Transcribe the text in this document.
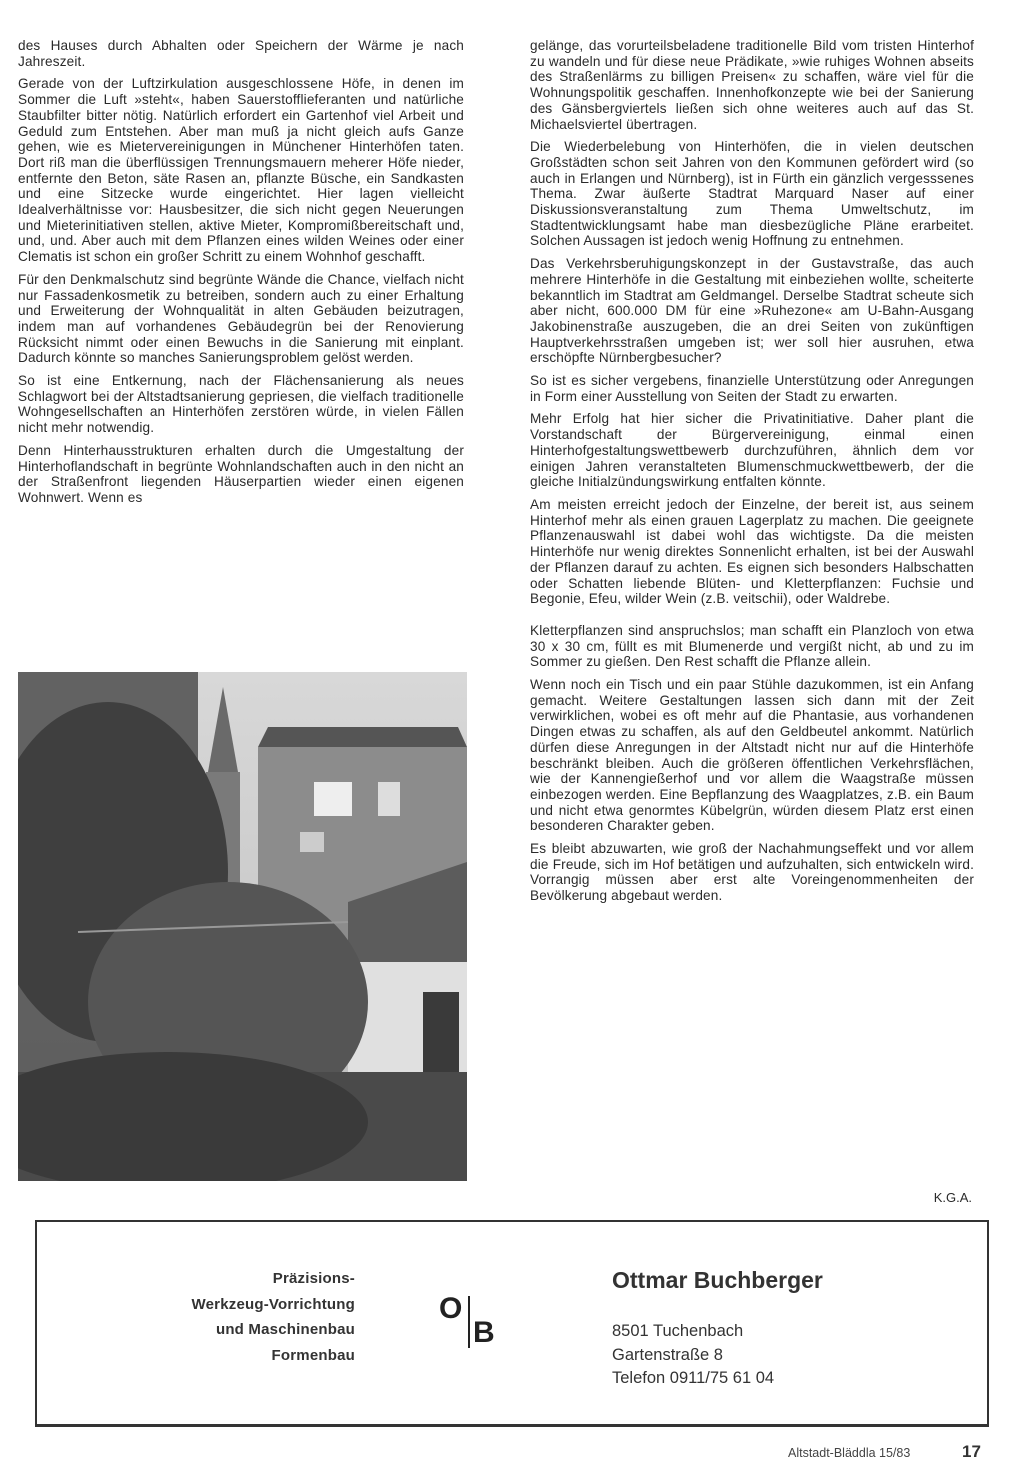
des Hauses durch Abhalten oder Speichern der Wärme je nach Jahreszeit.

Gerade von der Luftzirkulation ausgeschlossene Höfe, in denen im Sommer die Luft »steht«, haben Sauerstofflieferanten und natürliche Staubfilter bitter nötig. Natürlich erfordert ein Gartenhof viel Arbeit und Geduld zum Entstehen. Aber man muß ja nicht gleich aufs Ganze gehen, wie es Mietervereinigungen in Münchener Hinterhöfen taten. Dort riß man die überflüssigen Trennungsmauern meherer Höfe nieder, entfernte den Beton, säte Rasen an, pflanzte Büsche, ein Sandkasten und eine Sitzecke wurde eingerichtet. Hier lagen vielleicht Idealverhältnisse vor: Hausbesitzer, die sich nicht gegen Neuerungen und Mieterinitiativen stellen, aktive Mieter, Kompromißbereitschaft und, und, und. Aber auch mit dem Pflanzen eines wilden Weines oder einer Clematis ist schon ein großer Schritt zu einem Wohnhof geschafft.

Für den Denkmalschutz sind begrünte Wände die Chance, vielfach nicht nur Fassadenkosmetik zu betreiben, sondern auch zu einer Erhaltung und Erweiterung der Wohnqualität in alten Gebäuden beizutragen, indem man auf vorhandenes Gebäudegrün bei der Renovierung Rücksicht nimmt oder einen Bewuchs in die Sanierung mit einplant. Dadurch könnte so manches Sanierungsproblem gelöst werden.

So ist eine Entkernung, nach der Flächensanierung als neues Schlagwort bei der Altstadtsanierung gepriesen, die vielfach traditionelle Wohngesellschaften an Hinterhöfen zerstören würde, in vielen Fällen nicht mehr notwendig.

Denn Hinterhausstrukturen erhalten durch die Umgestaltung der Hinterhoflandschaft in begrünte Wohnlandschaften auch in den nicht an der Straßenfront liegenden Häuserpartien wieder einen eigenen Wohnwert. Wenn es

gelänge, das vorurteilsbeladene traditionelle Bild vom tristen Hinterhof zu wandeln und für diese neue Prädikate, »wie ruhiges Wohnen abseits des Straßenlärms zu billigen Preisen« zu schaffen, wäre viel für die Wohnungspolitik geschaffen. Innenhofkonzepte wie bei der Sanierung des Gänsbergviertels ließen sich ohne weiteres auch auf das St. Michaelsviertel übertragen.

Die Wiederbelebung von Hinterhöfen, die in vielen deutschen Großstädten schon seit Jahren von den Kommunen gefördert wird (so auch in Erlangen und Nürnberg), ist in Fürth ein gänzlich vergesssenes Thema. Zwar äußerte Stadtrat Marquard Naser auf einer Diskussionsveranstaltung zum Thema Umweltschutz, im Stadtentwicklungsamt habe man diesbezügliche Pläne erarbeitet. Solchen Aussagen ist jedoch wenig Hoffnung zu entnehmen.

Das Verkehrsberuhigungskonzept in der Gustavstraße, das auch mehrere Hinterhöfe in die Gestaltung mit einbeziehen wollte, scheiterte bekanntlich im Stadtrat am Geldmangel. Derselbe Stadtrat scheute sich aber nicht, 600.000 DM für eine »Ruhezone« am U-Bahn-Ausgang Jakobinenstraße auszugeben, die an drei Seiten von zukünftigen Hauptverkehrsstraßen umgeben ist; wer soll hier ausruhen, etwa erschöpfte Nürnbergbesucher?

So ist es sicher vergebens, finanzielle Unterstützung oder Anregungen in Form einer Ausstellung von Seiten der Stadt zu erwarten.

Mehr Erfolg hat hier sicher die Privatinitiative. Daher plant die Vorstandschaft der Bürgervereinigung, einmal einen Hinterhofgestaltungswettbewerb durchzuführen, ähnlich dem vor einigen Jahren veranstalteten Blumenschmuckwettbewerb, der die gleiche Initialzündungswirkung entfalten könnte.

Am meisten erreicht jedoch der Einzelne, der bereit ist, aus seinem Hinterhof mehr als einen grauen Lagerplatz zu machen. Die geeignete Pflanzenauswahl ist dabei wohl das wichtigste. Da die meisten Hinterhöfe nur wenig direktes Sonnenlicht erhalten, ist bei der Auswahl der Pflanzen darauf zu achten. Es eignen sich besonders Halbschatten oder Schatten liebende Blüten- und Kletterpflanzen: Fuchsie und Begonie, Efeu, wilder Wein (z.B. veitschii), oder Waldrebe.

Kletterpflanzen sind anspruchslos; man schafft ein Planzloch von etwa 30 x 30 cm, füllt es mit Blumenerde und vergißt nicht, ab und zu im Sommer zu gießen. Den Rest schafft die Pflanze allein.

Wenn noch ein Tisch und ein paar Stühle dazukommen, ist ein Anfang gemacht. Weitere Gestaltungen lassen sich dann mit der Zeit verwirklichen, wobei es oft mehr auf die Phantasie, aus vorhandenen Dingen etwas zu schaffen, als auf den Geldbeutel ankommt. Natürlich dürfen diese Anregungen in der Altstadt nicht nur auf die Hinterhöfe beschränkt bleiben. Auch die größeren öffentlichen Verkehrsflächen, wie der Kannengießerhof und vor allem die Waagstraße müssen einbezogen werden. Eine Bepflanzung des Waagplatzes, z.B. ein Baum und nicht etwa genormtes Kübelgrün, würden diesem Platz erst einen besonderen Charakter geben.

Es bleibt abzuwarten, wie groß der Nachahmungseffekt und vor allem die Freude, sich im Hof betätigen und aufzuhalten, sich entwickeln wird. Vorrangig müssen aber erst alte Voreingenommenheiten der Bevölkerung abgebaut werden.

K.G.A.
Präzisions-
Werkzeug-Vorrichtung
und Maschinenbau
Formenbau
O
B
Ottmar Buchberger
8501 Tuchenbach
Gartenstraße 8
Telefon 0911/75 61 04
Altstadt-Bläddla 15/83	17
